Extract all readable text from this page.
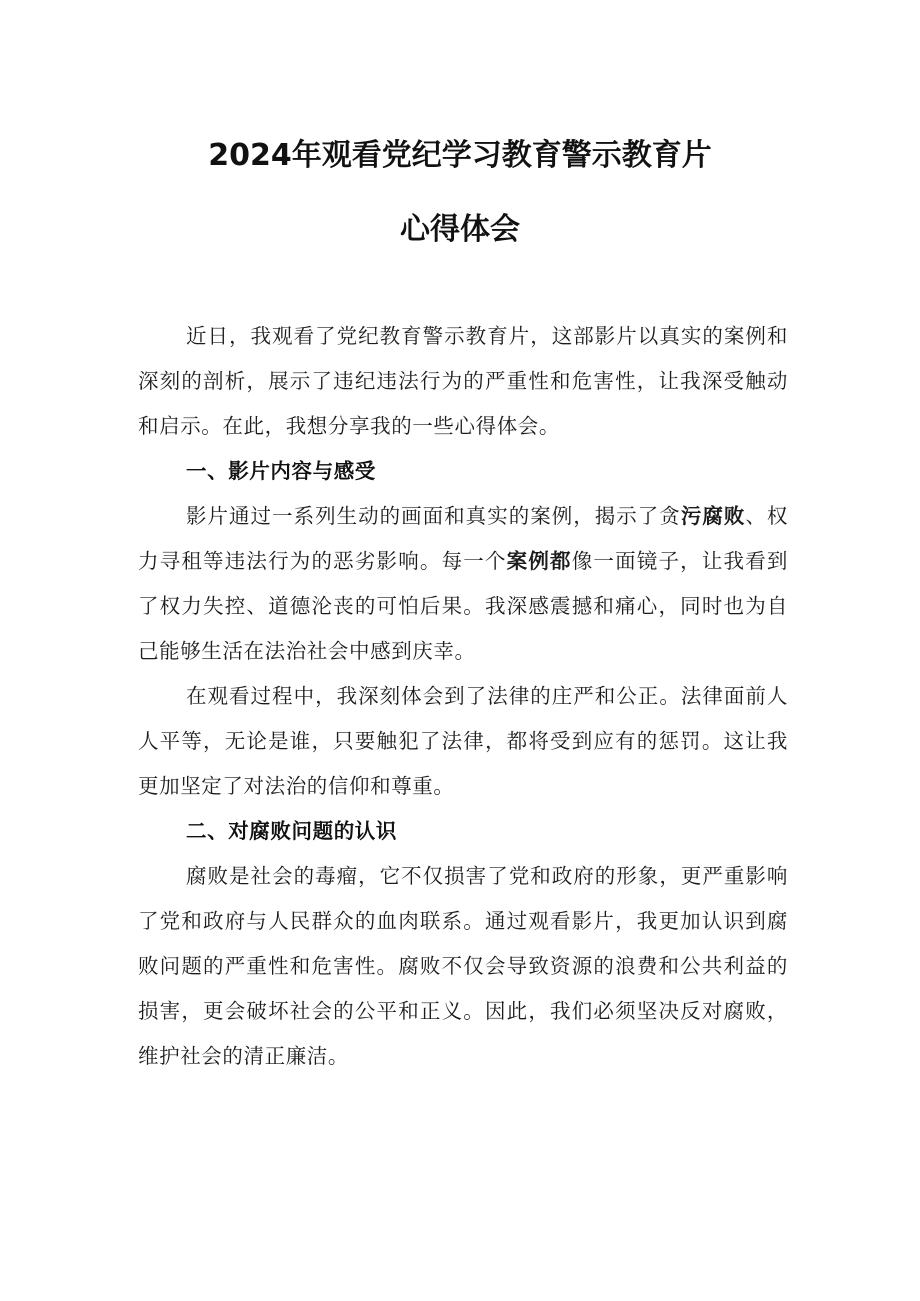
2024年观看党纪学习教育警示教育片
心得体会

近日，我观看了党纪教育警示教育片，这部影片以真实的案例和深刻的剖析，展示了违纪违法行为的严重性和危害性，让我深受触动和启示。在此，我想分享我的一些心得体会。

一、影片内容与感受

影片通过一系列生动的画面和真实的案例，揭示了贪污腐败、权力寻租等违法行为的恶劣影响。每一个案例都像一面镜子，让我看到了权力失控、道德沦丧的可怕后果。我深感震撼和痛心，同时也为自己能够生活在法治社会中感到庆幸。

在观看过程中，我深刻体会到了法律的庄严和公正。法律面前人人平等，无论是谁，只要触犯了法律，都将受到应有的惩罚。这让我更加坚定了对法治的信仰和尊重。

二、对腐败问题的认识

腐败是社会的毒瘤，它不仅损害了党和政府的形象，更严重影响了党和政府与人民群众的血肉联系。通过观看影片，我更加认识到腐败问题的严重性和危害性。腐败不仅会导致资源的浪费和公共利益的损害，更会破坏社会的公平和正义。因此，我们必须坚决反对腐败，维护社会的清正廉洁。
